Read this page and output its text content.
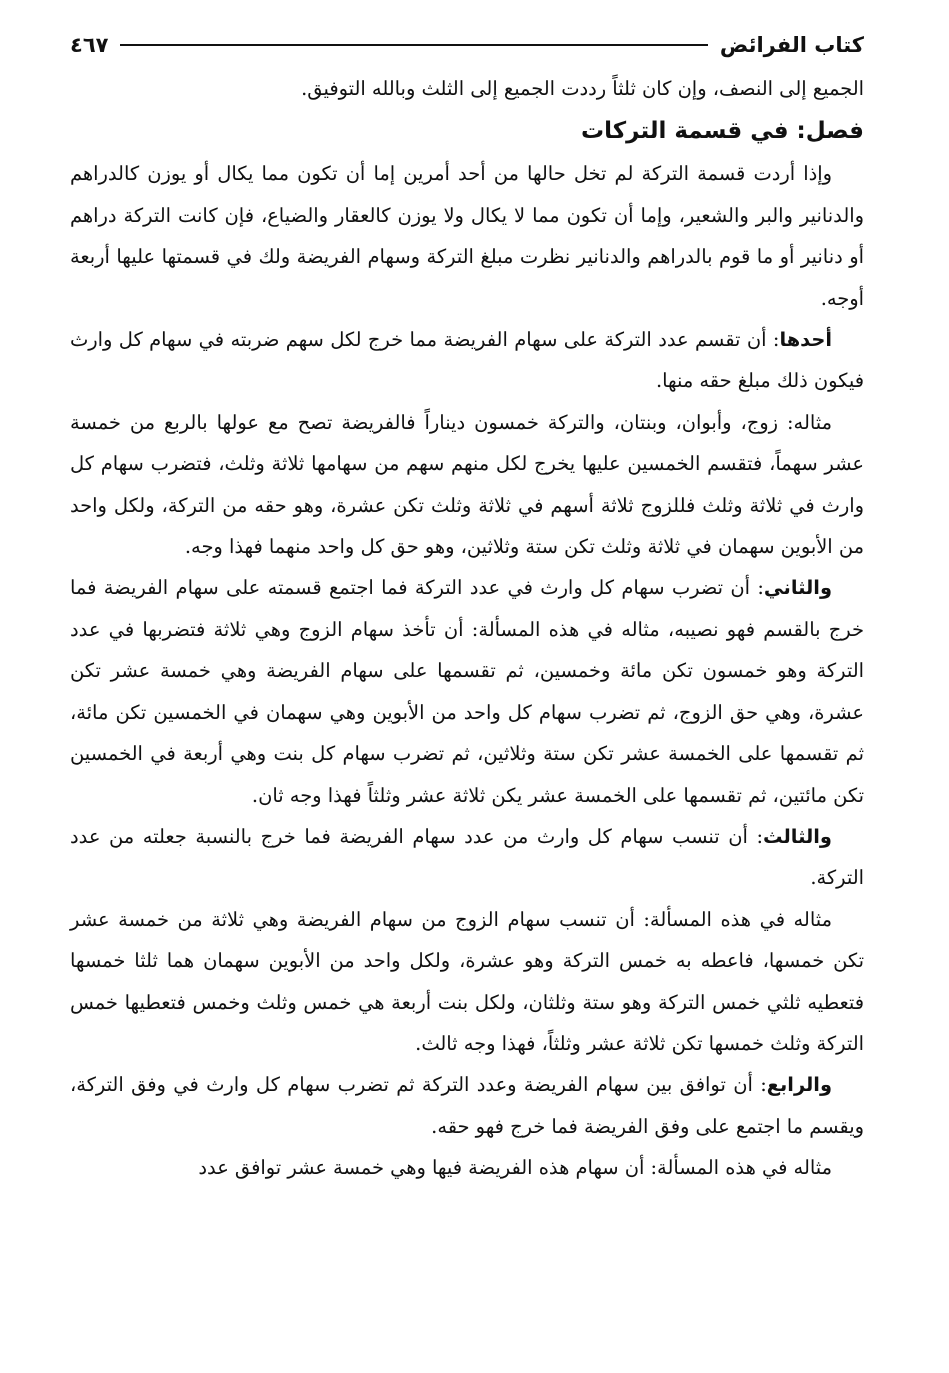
كتاب الفرائض
٤٦٧

الجميع إلى النصف، وإن كان ثلثاً رددت الجميع إلى الثلث وبالله التوفيق.

فصل: في قسمة التركات

وإذا أردت قسمة التركة لم تخل حالها من أحد أمرين إما أن تكون مما يكال أو يوزن كالدراهم والدنانير والبر والشعير، وإما أن تكون مما لا يكال ولا يوزن كالعقار والضياع، فإن كانت التركة دراهم أو دنانير أو ما قوم بالدراهم والدنانير نظرت مبلغ التركة وسهام الفريضة ولك في قسمتها عليها أربعة أوجه.

أحدها: أن تقسم عدد التركة على سهام الفريضة مما خرج لكل سهم ضربته في سهام كل وارث فيكون ذلك مبلغ حقه منها.

مثاله: زوج، وأبوان، وبنتان، والتركة خمسون ديناراً فالفريضة تصح مع عولها بالربع من خمسة عشر سهماً، فتقسم الخمسين عليها يخرج لكل منهم سهم من سهامها ثلاثة وثلث، فتضرب سهام كل وارث في ثلاثة وثلث فللزوج ثلاثة أسهم في ثلاثة وثلث تكن عشرة، وهو حقه من التركة، ولكل واحد من الأبوين سهمان في ثلاثة وثلث تكن ستة وثلاثين، وهو حق كل واحد منهما فهذا وجه.

والثاني: أن تضرب سهام كل وارث في عدد التركة فما اجتمع قسمته على سهام الفريضة فما خرج بالقسم فهو نصيبه، مثاله في هذه المسألة: أن تأخذ سهام الزوج وهي ثلاثة فتضربها في عدد التركة وهو خمسون تكن مائة وخمسين، ثم تقسمها على سهام الفريضة وهي خمسة عشر تكن عشرة، وهي حق الزوج، ثم تضرب سهام كل واحد من الأبوين وهي سهمان في الخمسين تكن مائة، ثم تقسمها على الخمسة عشر تكن ستة وثلاثين، ثم تضرب سهام كل بنت وهي أربعة في الخمسين تكن مائتين، ثم تقسمها على الخمسة عشر يكن ثلاثة عشر وثلثاً فهذا وجه ثان.

والثالث: أن تنسب سهام كل وارث من عدد سهام الفريضة فما خرج بالنسبة جعلته من عدد التركة.

مثاله في هذه المسألة: أن تنسب سهام الزوج من سهام الفريضة وهي ثلاثة من خمسة عشر تكن خمسها، فاعطه به خمس التركة وهو عشرة، ولكل واحد من الأبوين سهمان هما ثلثا خمسها فتعطيه ثلثي خمس التركة وهو ستة وثلثان، ولكل بنت أربعة هي خمس وثلث وخمس فتعطيها خمس التركة وثلث خمسها تكن ثلاثة عشر وثلثاً، فهذا وجه ثالث.

والرابع: أن توافق بين سهام الفريضة وعدد التركة ثم تضرب سهام كل وارث في وفق التركة، ويقسم ما اجتمع على وفق الفريضة فما خرج فهو حقه.

مثاله في هذه المسألة: أن سهام هذه الفريضة فيها وهي خمسة عشر توافق عدد
